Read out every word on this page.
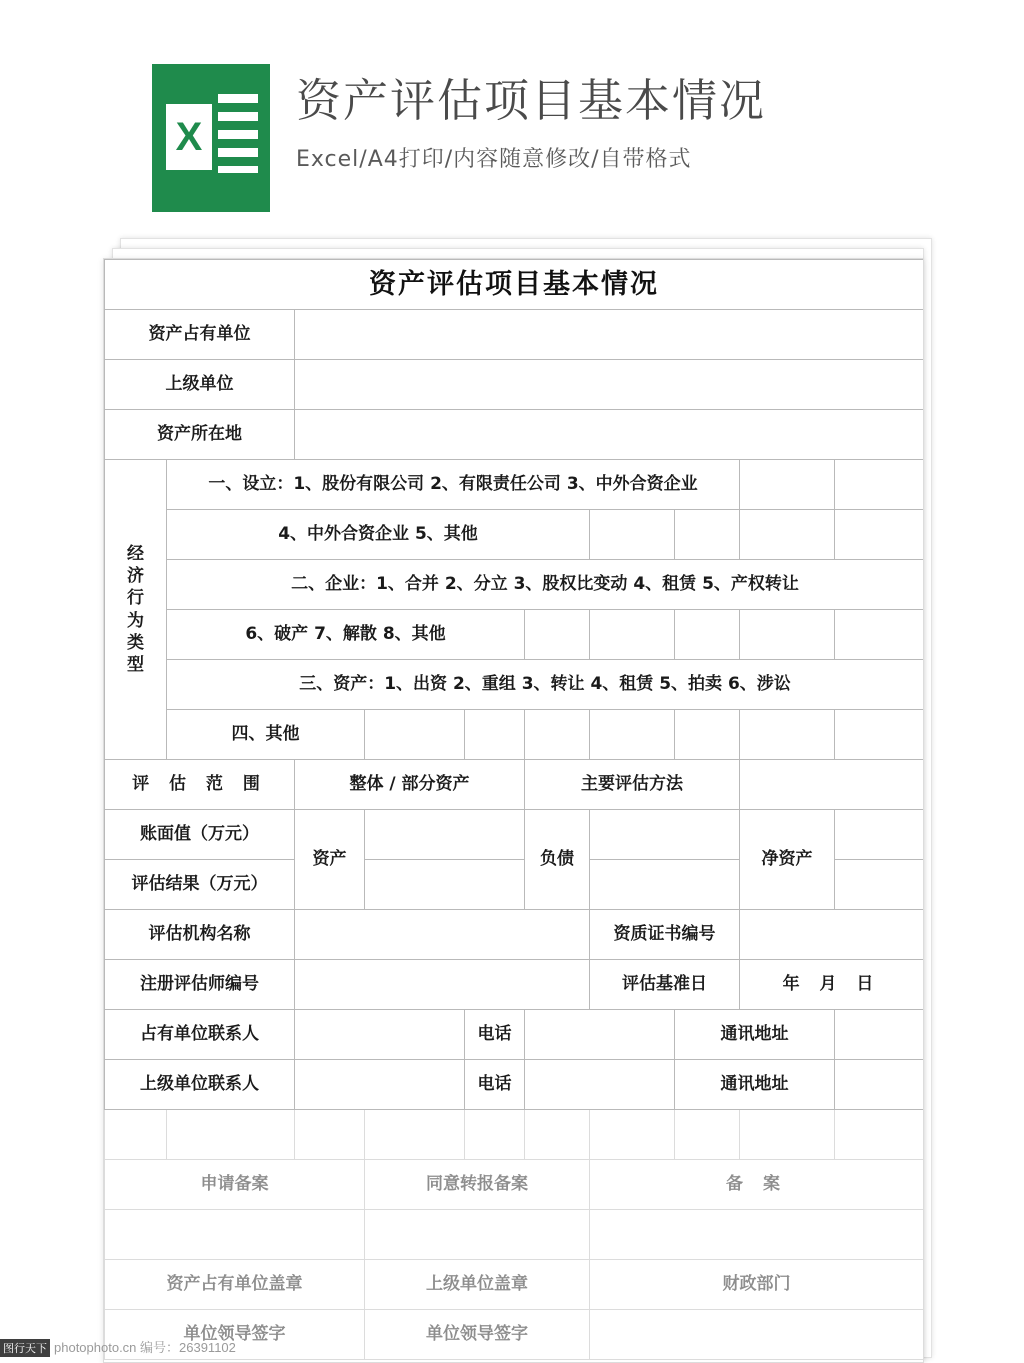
X
资产评估项目基本情况
Excel/A4打印/内容随意修改/自带格式
资产评估项目基本情况									
资产占有单位									
上级单位									
资产所在地									

经济行为类型	一、设立：1、股份有限公司 2、有限责任公司 3、中外合资企业								
	4、中外合资企业 5、其他								
	二、企业：1、合并 2、分立 3、股权比变动 4、租赁 5、产权转让								
	6、破产 7、解散 8、其他								
	三、资产：1、出资 2、重组 3、转让 4、租赁 5、拍卖 6、涉讼								
	四、其他								
评 估 范 围		整体 / 部分资产			主要评估方法				
账面值（万元）		资产			负债			净资产	
评估结果（万元）									
评估机构名称						资质证书编号			
注册评估师编号						评估基准日		年 月 日	
占有单位联系人				电话			通讯地址		
上级单位联系人				电话			通讯地址		

申请备案			同意转报备案			备 案			

资产占有单位盖章			上级单位盖章			财政部门			
单位领导签字			单位领导签字						
图行天下 photophoto.cn 编号：26391102
